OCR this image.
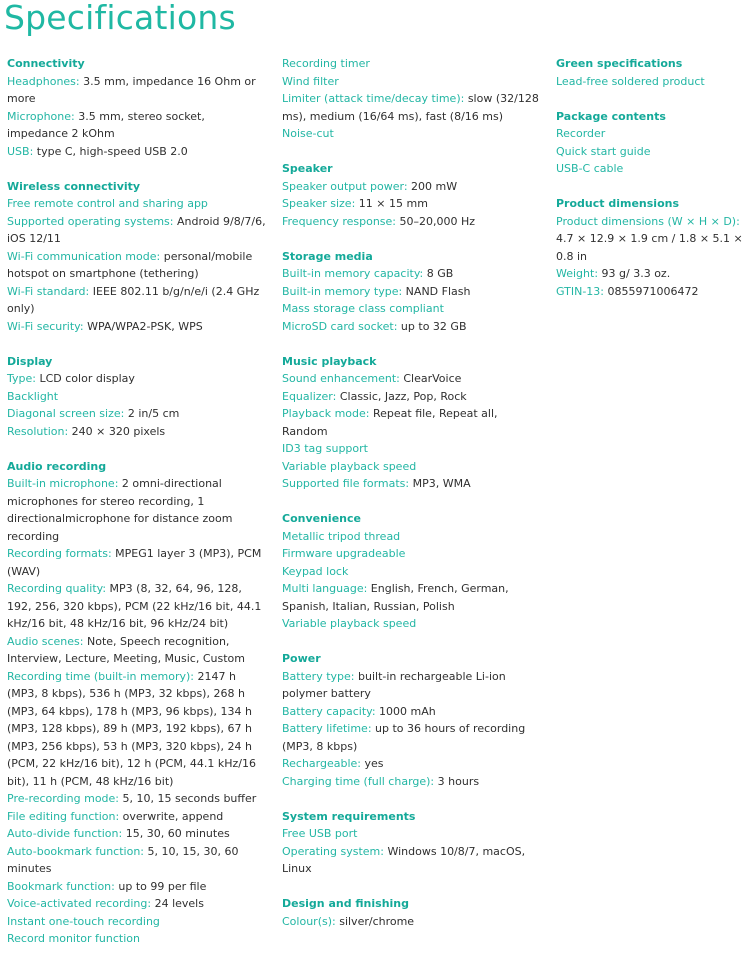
Specifications
Connectivity
Headphones: 3.5 mm, impedance 16 Ohm or more
Microphone: 3.5 mm, stereo socket, impedance 2 kOhm
USB: type C, high-speed USB 2.0
Wireless connectivity
Free remote control and sharing app
Supported operating systems: Android 9/8/7/6, iOS 12/11
Wi-Fi communication mode: personal/mobile hotspot on smartphone (tethering)
Wi-Fi standard: IEEE 802.11 b/g/n/e/i (2.4 GHz only)
Wi-Fi security: WPA/WPA2-PSK, WPS
Display
Type: LCD color display
Backlight
Diagonal screen size: 2 in/5 cm
Resolution: 240 × 320 pixels
Audio recording
Built-in microphone: 2 omni-directional microphones for stereo recording, 1 directionalmicrophone for distance zoom recording
Recording formats: MPEG1 layer 3 (MP3), PCM (WAV)
Recording quality: MP3 (8, 32, 64, 96, 128, 192, 256, 320 kbps), PCM (22 kHz/16 bit, 44.1 kHz/16 bit, 48 kHz/16 bit, 96 kHz/24 bit)
Audio scenes: Note, Speech recognition, Interview, Lecture, Meeting, Music, Custom
Recording time (built-in memory): 2147 h (MP3, 8 kbps), 536 h (MP3, 32 kbps), 268 h (MP3, 64 kbps), 178 h (MP3, 96 kbps), 134 h (MP3, 128 kbps), 89 h (MP3, 192 kbps), 67 h (MP3, 256 kbps), 53 h (MP3, 320 kbps), 24 h (PCM, 22 kHz/16 bit), 12 h (PCM, 44.1 kHz/16 bit), 11 h (PCM, 48 kHz/16 bit)
Pre-recording mode: 5, 10, 15 seconds buffer
File editing function: overwrite, append
Auto-divide function: 15, 30, 60 minutes
Auto-bookmark function: 5, 10, 15, 30, 60 minutes
Bookmark function: up to 99 per file
Voice-activated recording: 24 levels
Instant one-touch recording
Record monitor function
Recording timer
Wind filter
Limiter (attack time/decay time): slow (32/128 ms), medium (16/64 ms), fast (8/16 ms)
Noise-cut
Speaker
Speaker output power: 200 mW
Speaker size: 11 × 15 mm
Frequency response: 50–20,000 Hz
Storage media
Built-in memory capacity: 8 GB
Built-in memory type: NAND Flash
Mass storage class compliant
MicroSD card socket: up to 32 GB
Music playback
Sound enhancement: ClearVoice
Equalizer: Classic, Jazz, Pop, Rock
Playback mode: Repeat file, Repeat all, Random
ID3 tag support
Variable playback speed
Supported file formats: MP3, WMA
Convenience
Metallic tripod thread
Firmware upgradeable
Keypad lock
Multi language: English, French, German, Spanish, Italian, Russian, Polish
Variable playback speed
Power
Battery type: built-in rechargeable Li-ion polymer battery
Battery capacity: 1000 mAh
Battery lifetime: up to 36 hours of recording (MP3, 8 kbps)
Rechargeable: yes
Charging time (full charge): 3 hours
System requirements
Free USB port
Operating system: Windows 10/8/7, macOS, Linux
Design and finishing
Colour(s): silver/chrome
Green specifications
Lead-free soldered product
Package contents
Recorder
Quick start guide
USB-C cable
Product dimensions
Product dimensions (W × H × D): 4.7 × 12.9 × 1.9 cm / 1.8 × 5.1 × 0.8 in
Weight: 93 g/ 3.3 oz.
GTIN-13: 0855971006472
